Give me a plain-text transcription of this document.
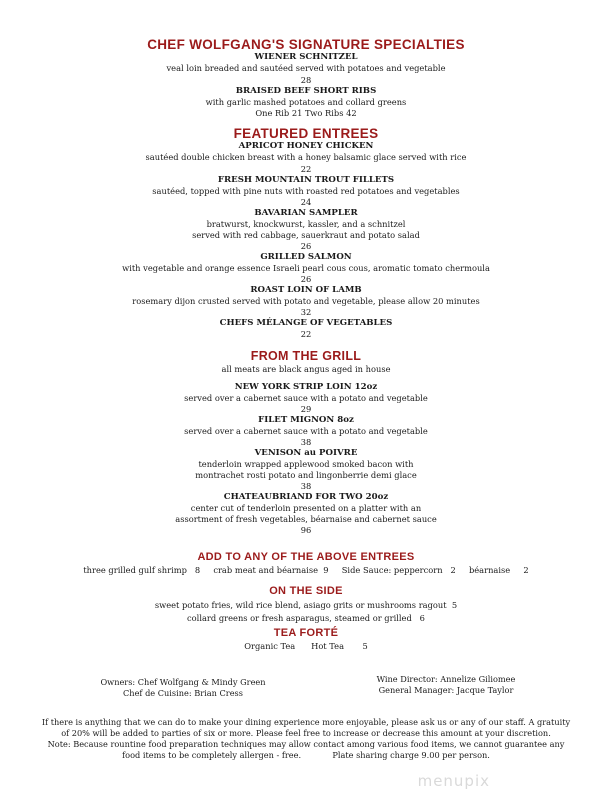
CHEF WOLFGANG'S SIGNATURE SPECIALTIES
WIENER SCHNITZEL
veal loin breaded and sautéed served with potatoes and vegetable
28
BRAISED BEEF SHORT RIBS
with garlic mashed potatoes and collard greens
One Rib 21 Two Ribs 42
FEATURED ENTREES
APRICOT HONEY CHICKEN
sautéed double chicken breast with a honey balsamic glace served with rice
22
FRESH MOUNTAIN TROUT FILLETS
sautéed, topped with pine nuts with roasted red potatoes and vegetables
24
BAVARIAN SAMPLER
bratwurst, knockwurst, kassler, and a schnitzel
served with red cabbage, sauerkraut and potato salad
26
GRILLED SALMON
with vegetable and orange essence Israeli pearl cous cous, aromatic tomato chermoula
26
ROAST LOIN OF LAMB
rosemary dijon crusted served with potato and vegetable, please allow 20 minutes
32
CHEFS MÉLANGE OF VEGETABLES
22
FROM THE GRILL
all meats are black angus aged in house
NEW YORK STRIP LOIN 12oz
served over a cabernet sauce with a potato and vegetable
29
FILET MIGNON 8oz
served over a cabernet sauce with a potato and vegetable
38
VENISON au POIVRE
tenderloin wrapped applewood smoked bacon with
montrachet rosti potato and lingonberrie demi glace
38
CHATEAUBRIAND FOR TWO 20oz
center cut of tenderloin presented on a platter with an
assortment of fresh vegetables, béarnaise and cabernet sauce
96
ADD TO ANY OF THE ABOVE ENTREES
three grilled gulf shrimp   8     crab meat and béarnaise  9     Side Sauce: peppercorn   2     béarnaise     2
ON THE SIDE
sweet potato fries, wild rice blend, asiago grits or mushrooms ragout  5
collard greens or fresh asparagus, steamed or grilled   6
TEA FORTÉ
Organic Tea      Hot Tea       5
Owners: Chef Wolfgang & Mindy Green
Chef de Cuisine: Brian Cress
Wine Director: Annelize Giliomee
General Manager: Jacque Taylor
If there is anything that we can do to make your dining experience more enjoyable, please ask us or any of our staff. A gratuity
of 20% will be added to parties of six or more. Please feel free to increase or decrease this amount at your discretion.
Note: Because rountine food preparation techniques may allow contact among various food items, we cannot guarantee any
food items to be completely allergen - free.            Plate sharing charge 9.00 per person.
menupix
